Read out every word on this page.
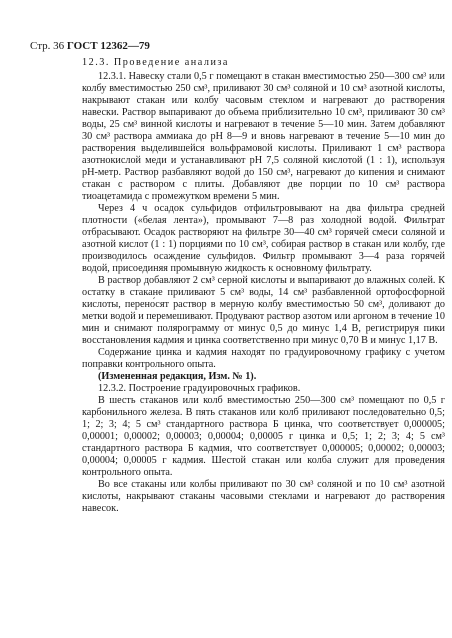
Стр. 36 ГОСТ 12362—79

12.3. Проведение анализа

12.3.1. Навеску стали 0,5 г помещают в стакан вместимостью 250—300 см³ или колбу вместимостью 250 см³, приливают 30 см³ соляной и 10 см³ азотной кислоты, накрывают стакан или колбу часовым стеклом и нагревают до растворения навески. Раствор выпаривают до объема приблизительно 10 см³, приливают 30 см³ воды, 25 см³ винной кислоты и нагревают в течение 5—10 мин. Затем добавляют 30 см³ раствора аммиака до pH 8—9 и вновь нагревают в течение 5—10 мин до растворения выделившейся вольфрамовой кислоты. Приливают 1 см³ раствора азотнокислой меди и устанавливают pH 7,5 соляной кислотой (1 : 1), используя pH-метр. Раствор разбавляют водой до 150 см³, нагревают до кипения и снимают стакан с раствором с плиты. Добавляют две порции по 10 см³ раствора тиоацетамида с промежутком времени 5 мин.

Через 4 ч осадок сульфидов отфильтровывают на два фильтра средней плотности («белая лента»), промывают 7—8 раз холодной водой. Фильтрат отбрасывают. Осадок растворяют на фильтре 30—40 см³ горячей смеси соляной и азотной кислот (1 : 1) порциями по 10 см³, собирая раствор в стакан или колбу, где производилось осаждение сульфидов. Фильтр промывают 3—4 раза горячей водой, присоединяя промывную жидкость к основному фильтрату.

В раствор добавляют 2 см³ серной кислоты и выпаривают до влажных солей. К остатку в стакане приливают 5 см³ воды, 14 см³ разбавленной ортофосфорной кислоты, перено́сят раствор в мерную колбу вместимостью 50 см³, доливают до метки водой и перемешивают. Продувают раствор азотом или аргоном в течение 10 мин и снимают полярограмму от минус 0,5 до минус 1,4 В, регистрируя пики восстановления кадмия и цинка соответственно при минус 0,70 В и минус 1,17 В.

Содержание цинка и кадмия находят по градуировочному графику с учетом поправки контрольного опыта.

(Измененная редакция, Изм. № 1).

12.3.2. Построение градуировочных графиков.

В шесть стаканов или колб вместимостью 250—300 см³ помещают по 0,5 г карбонильного железа. В пять стаканов или колб приливают последовательно 0,5; 1; 2; 3; 4; 5 см³ стандартного раствора Б цинка, что соответствует 0,000005; 0,00001; 0,00002; 0,00003; 0,00004; 0,00005 г цинка и 0,5; 1; 2; 3; 4; 5 см³ стандартного раствора Б кадмия, что соответствует 0,000005; 0,00002; 0,00003; 0,00004; 0,00005 г кадмия. Шестой стакан или колба служит для проведения контрольного опыта.

Во все стаканы или колбы приливают по 30 см³ соляной и по 10 см³ азотной кислоты, накрывают стаканы часовыми стеклами и нагревают до растворения навесок.
